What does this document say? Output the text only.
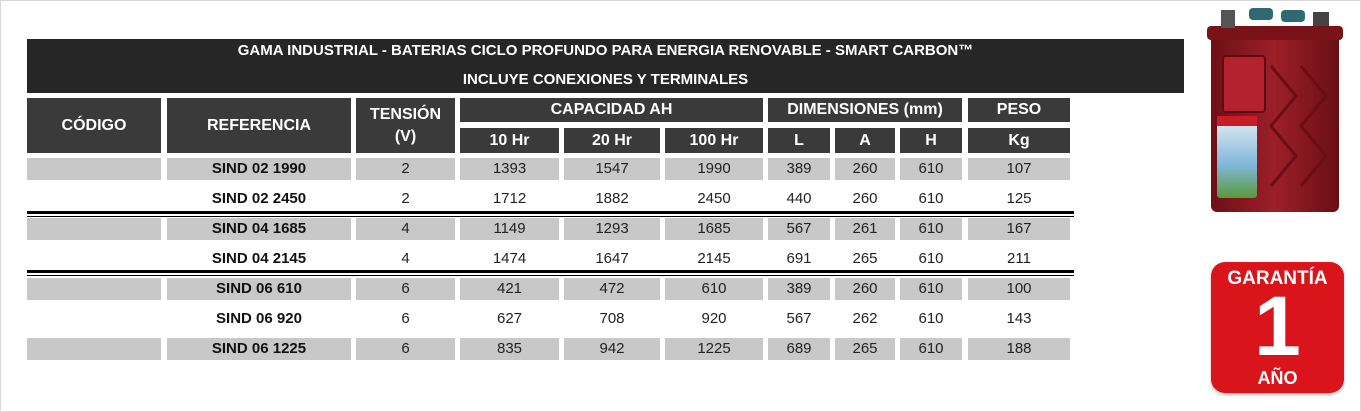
GAMA INDUSTRIAL - BATERIAS CICLO PROFUNDO PARA ENERGIA RENOVABLE - SMART CARBON™
INCLUYE CONEXIONES Y TERMINALES
CÓDIGO	REFERENCIA
TENSIÓN
(V)
CAPACIDAD AH
10 Hr	20 Hr	100 Hr
DIMENSIONES (mm)
L	A	H
PESO
Kg
SIND 02 1990	2	1393	1547	1990	389	260	610	107
SIND 02 2450	2	1712	1882	2450	440	260	610	125
SIND 04 1685	4	1149	1293	1685	567	261	610	167
SIND 04 2145	4	1474	1647	2145	691	265	610	211
SIND 06 610	6	421	472	610	389	260	610	100
SIND 06 920	6	627	708	920	567	262	610	143
SIND 06 1225	6	835	942	1225	689	265	610	188
GARANTÍA
1
AÑO
